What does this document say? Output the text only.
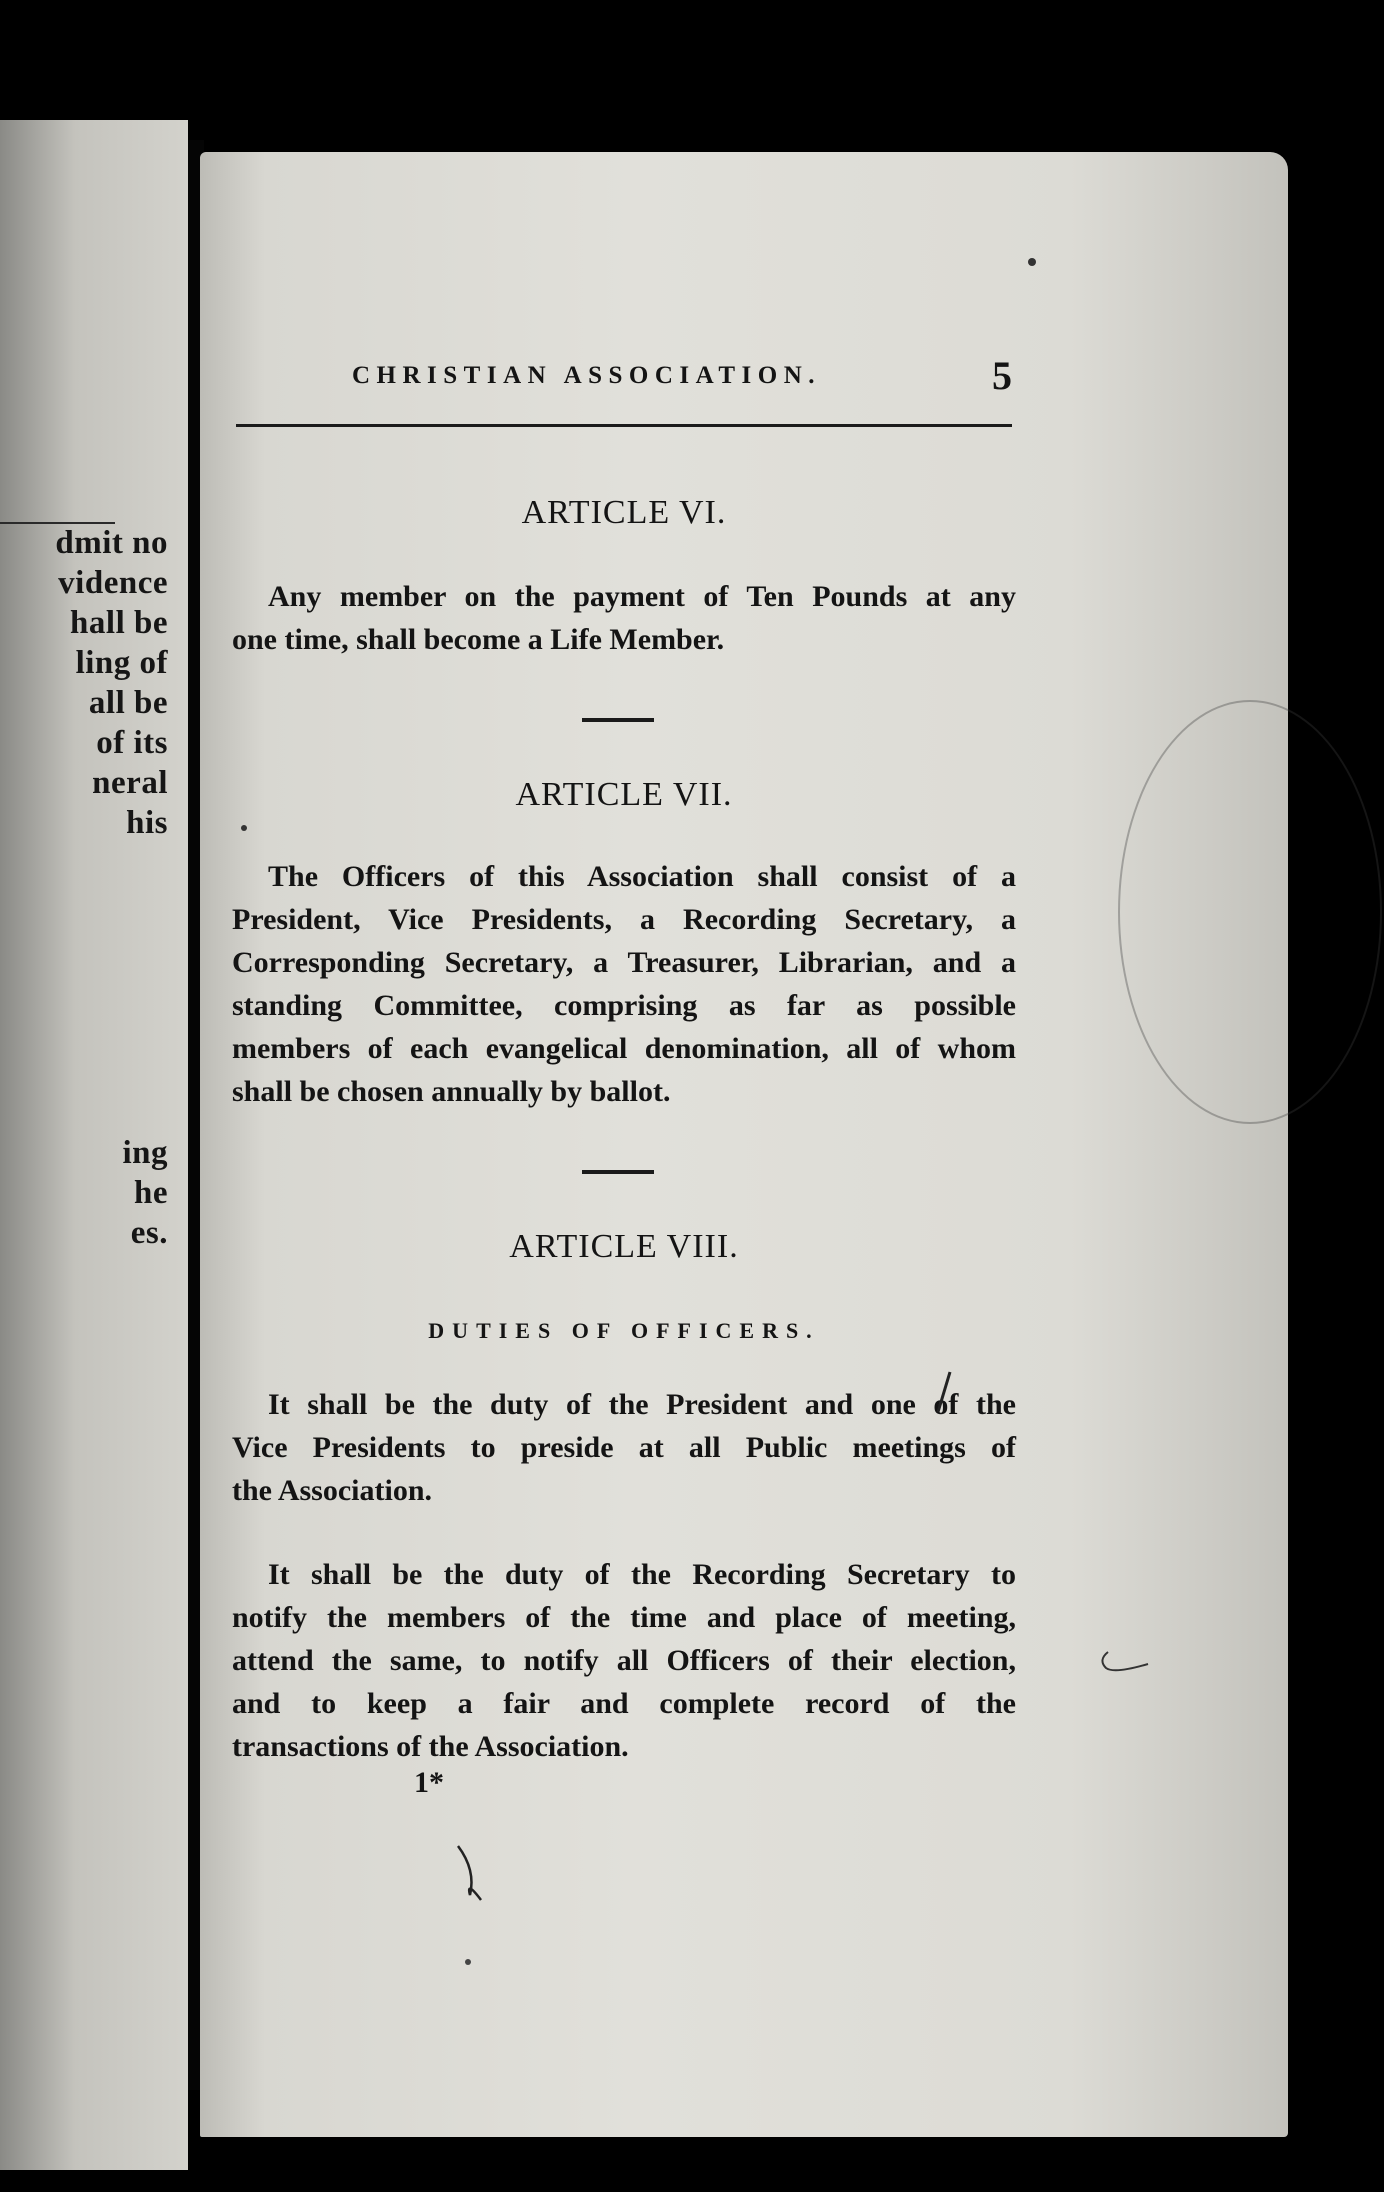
dmit no
vidence
hall be
ling of
all be
of its
neral
his
ing
he
es.
CHRISTIAN ASSOCIATION.	5
ARTICLE VI.

Any member on the payment of Ten Pounds at any
one time, shall become a Life Member.

ARTICLE VII.

The Officers of this Association shall consist of a
President, Vice Presidents, a Recording Secretary, a
Corresponding Secretary, a Treasurer, Librarian, and a
standing Committee, comprising as far as possible
members of each evangelical denomination, all of whom
shall be chosen annually by ballot.

ARTICLE VIII.
DUTIES OF OFFICERS.

It shall be the duty of the President and one of the
Vice Presidents to preside at all Public meetings of
the Association.

It shall be the duty of the Recording Secretary to
notify the members of the time and place of meeting,
attend the same, to notify all Officers of their election,
and to keep a fair and complete record of the
transactions of the Association.

1*
